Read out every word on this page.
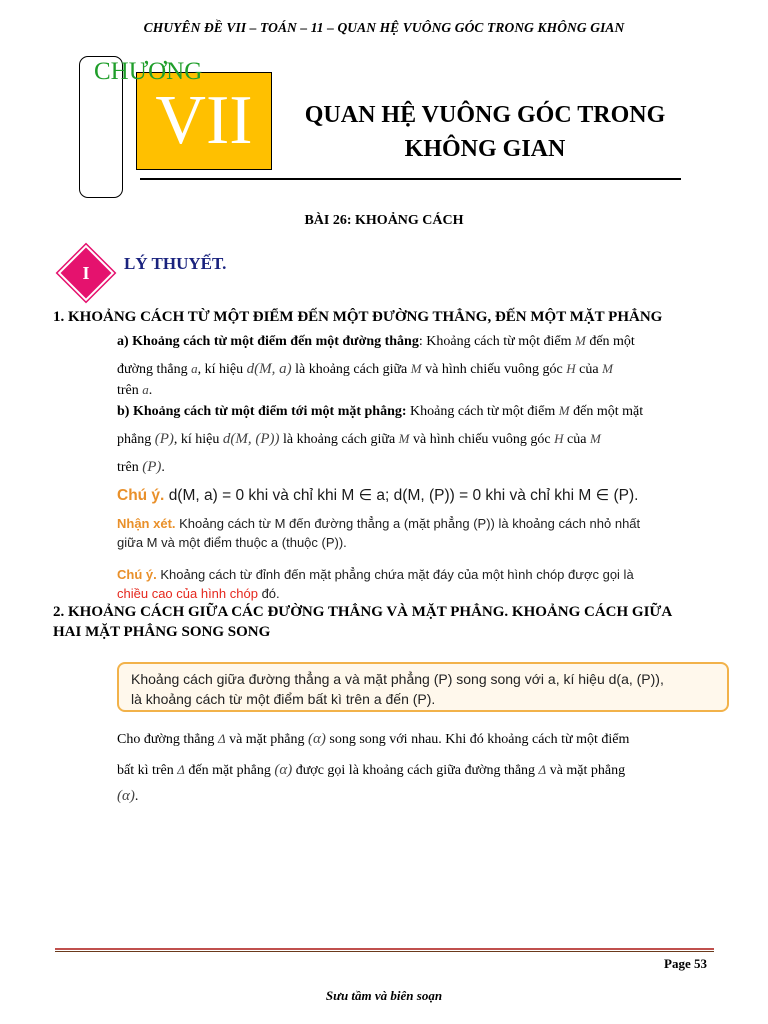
CHUYÊN ĐỀ VII – TOÁN – 11 – QUAN HỆ VUÔNG GÓC TRONG KHÔNG GIAN
CHƯƠNG
VII	QUAN HỆ VUÔNG GÓC TRONG
KHÔNG GIAN
BÀI 26: KHOẢNG CÁCH
I	LÝ THUYẾT.
1. KHOẢNG CÁCH TỪ MỘT ĐIỂM ĐẾN MỘT ĐƯỜNG THẲNG, ĐẾN MỘT MẶT PHẲNG
a) Khoảng cách từ một điểm đến một đường thẳng: Khoảng cách từ một điểm M đến một
đường thẳng a, kí hiệu d(M, a) là khoảng cách giữa M và hình chiếu vuông góc H của M
trên a.
b) Khoảng cách từ một điểm tới một mặt phẳng: Khoảng cách từ một điểm M đến một mặt
phẳng (P), kí hiệu d(M, (P)) là khoảng cách giữa M và hình chiếu vuông góc H của M
trên (P).
Chú ý. d(M, a) = 0 khi và chỉ khi M ∈ a; d(M, (P)) = 0 khi và chỉ khi M ∈ (P).
Nhận xét. Khoảng cách từ M đến đường thẳng a (mặt phẳng (P)) là khoảng cách nhỏ nhất
giữa M và một điểm thuộc a (thuộc (P)).
Chú ý. Khoảng cách từ đỉnh đến mặt phẳng chứa mặt đáy của một hình chóp được gọi là
chiều cao của hình chóp đó.
2. KHOẢNG CÁCH GIỮA CÁC ĐƯỜNG THẲNG VÀ MẶT PHẲNG. KHOẢNG CÁCH GIỮA
HAI MẶT PHẲNG SONG SONG
Khoảng cách giữa đường thẳng a và mặt phẳng (P) song song với a, kí hiệu d(a, (P)),
là khoảng cách từ một điểm bất kì trên a đến (P).
Cho đường thẳng Δ và mặt phẳng (α) song song với nhau. Khi đó khoảng cách từ một điểm
bất kì trên Δ đến mặt phẳng (α) được gọi là khoảng cách giữa đường thẳng Δ và mặt phẳng
(α).
Page 53
Sưu tầm và biên soạn
